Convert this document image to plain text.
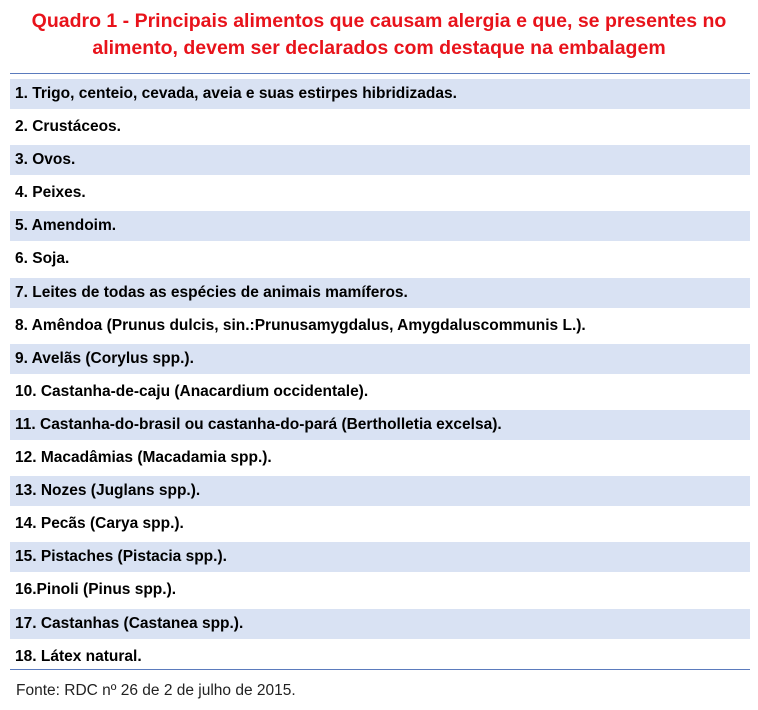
Quadro 1 - Principais alimentos que causam alergia e que, se presentes no
alimento, devem ser declarados com destaque na embalagem
1. Trigo, centeio, cevada, aveia e suas estirpes hibridizadas.
2. Crustáceos.
3. Ovos.
4. Peixes.
5. Amendoim.
6. Soja.
7. Leites de todas as espécies de animais mamíferos.
8. Amêndoa (Prunus dulcis, sin.:Prunusamygdalus, Amygdaluscommunis L.).
9. Avelãs (Corylus spp.).
10. Castanha-de-caju (Anacardium occidentale).
11. Castanha-do-brasil ou castanha-do-pará (Bertholletia excelsa).
12. Macadâmias (Macadamia spp.).
13. Nozes (Juglans spp.).
14. Pecãs (Carya spp.).
15. Pistaches (Pistacia spp.).
16.Pinoli (Pinus spp.).
17. Castanhas (Castanea spp.).
18. Látex natural.
Fonte: RDC nº 26 de 2 de julho de 2015.
